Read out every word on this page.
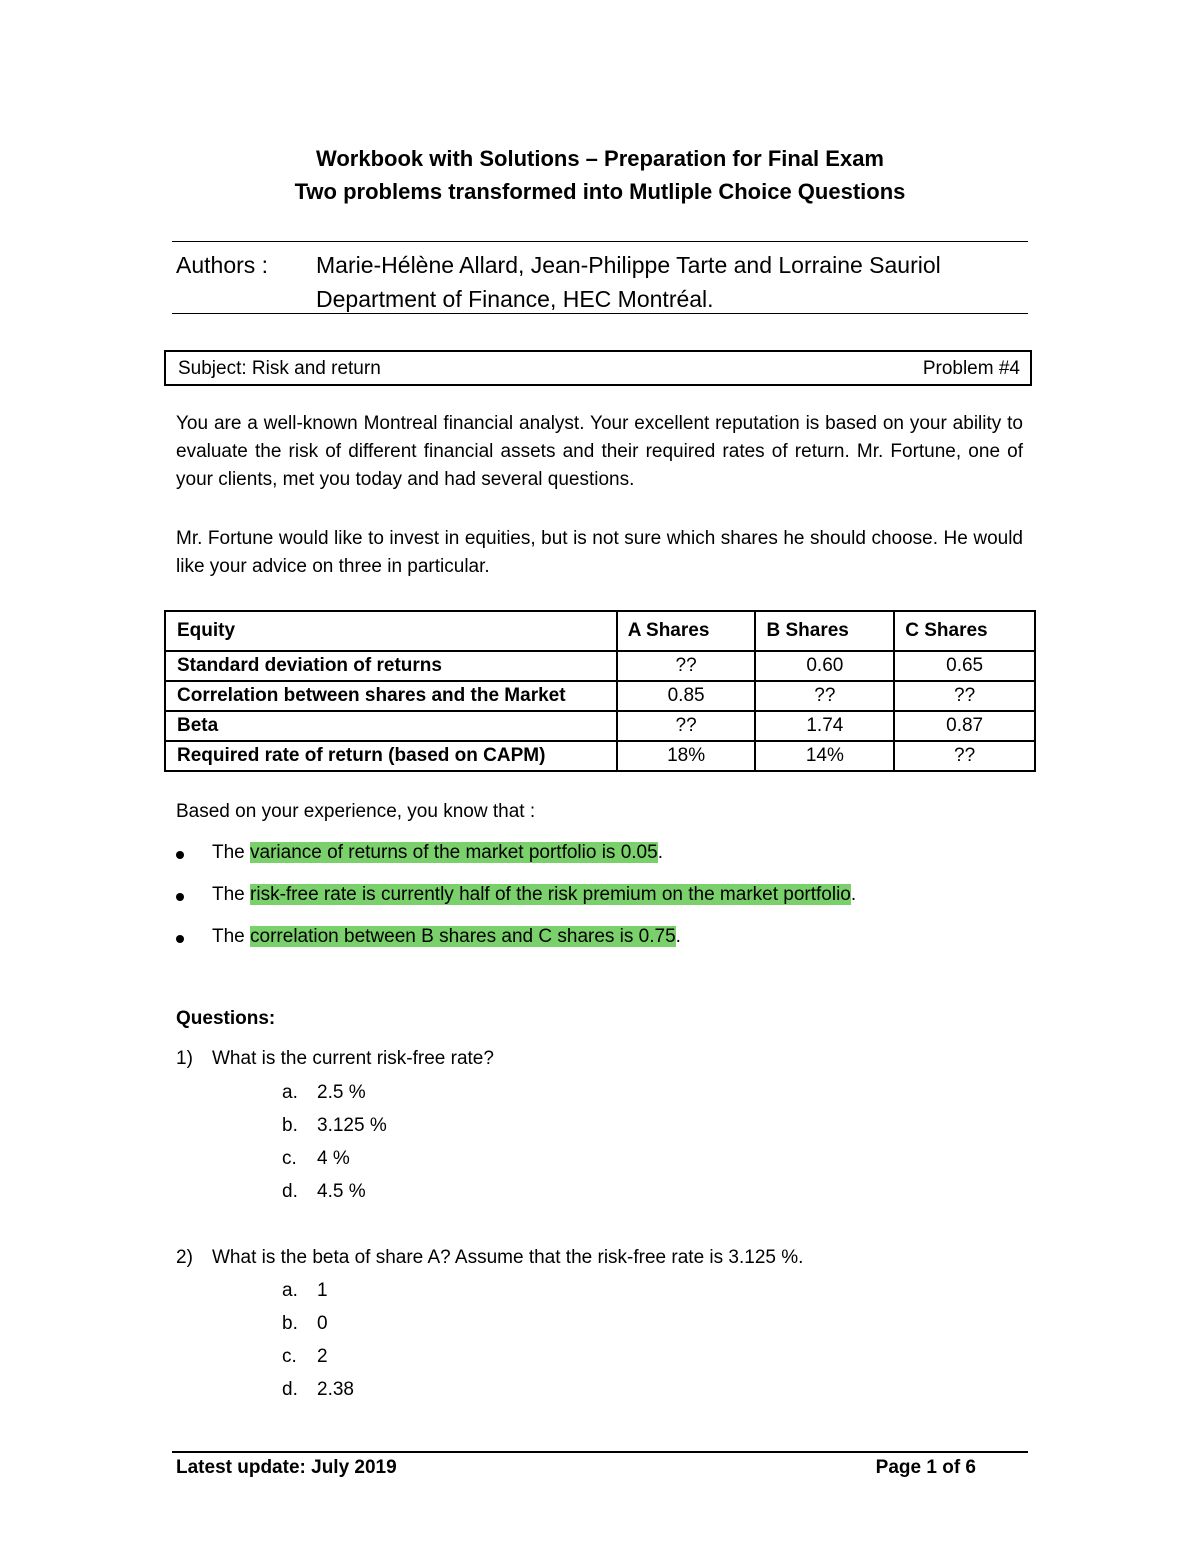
Workbook with Solutions – Preparation for Final Exam
Two problems transformed into Mutliple Choice Questions
Authors : Marie-Hélène Allard, Jean-Philippe Tarte and Lorraine Sauriol
Department of Finance, HEC Montréal.
Subject: Risk and return	Problem #4
You are a well-known Montreal financial analyst. Your excellent reputation is based on your ability to evaluate the risk of different financial assets and their required rates of return. Mr. Fortune, one of your clients, met you today and had several questions.
Mr. Fortune would like to invest in equities, but is not sure which shares he should choose. He would like your advice on three in particular.
Equity	A Shares	B Shares	C Shares
Standard deviation of returns	??	0.60	0.65
Correlation between shares and the Market	0.85	??	??
Beta	??	1.74	0.87
Required rate of return (based on CAPM)	18%	14%	??
Based on your experience, you know that :
The variance of returns of the market portfolio is 0.05.
The risk-free rate is currently half of the risk premium on the market portfolio.
The correlation between B shares and C shares is 0.75.
Questions:
1) What is the current risk-free rate?
a. 2.5 %
b. 3.125 %
c. 4 %
d. 4.5 %
2) What is the beta of share A? Assume that the risk-free rate is 3.125 %.
a. 1
b. 0
c. 2
d. 2.38
Latest update: July 2019	Page 1 of 6
